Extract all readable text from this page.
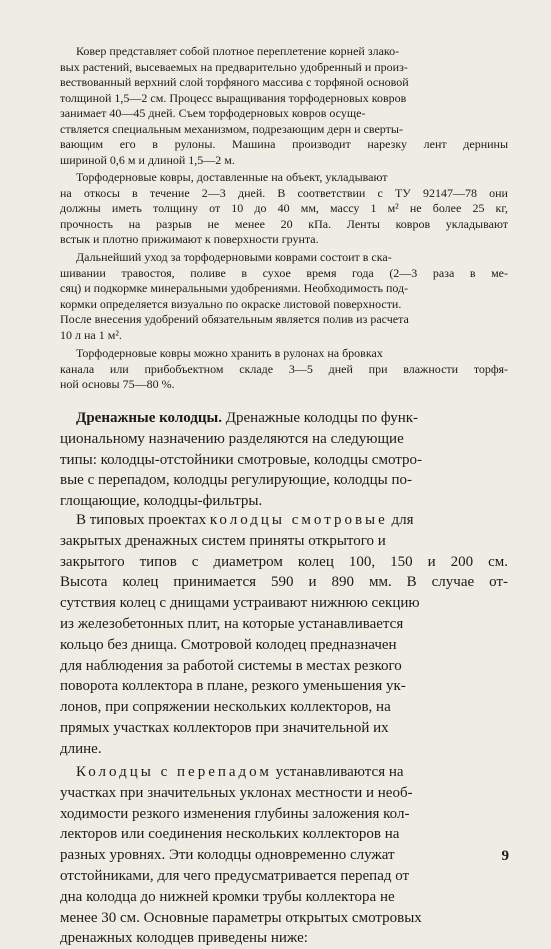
Ковер представляет собой плотное переплетение корней злако-
вых растений, высеваемых на предварительно удобренный и произ-
веcтвованный верхний слой торфяного массива с торфяной основой
толщиной 1,5—2 см. Процесс выращивания торфодерновых ковров
занимает 40—45 дней. Съем торфодерновых ковров осуще-
ствляется специальным механизмом, подрезающим дерн и сверты-
вающим его в рулоны. Машина производит нарезку лент дернины
шириной 0,6 м и длиной 1,5—2 м.

Торфодерновые ковры, доставленные на объект, укладывают
на откосы в течение 2—3 дней. В соответствии с ТУ 92147—78 они
должны иметь толщину от 10 до 40 мм, массу 1 м² не более 25 кг,
прочность на разрыв не менее 20 кПа. Ленты ковров укладывают
встык и плотно прижимают к поверхности грунта.

Дальнейший уход за торфодерновыми коврами состоит в ска-
шивании травостоя, поливе в сухое время года (2—3 раза в ме-
сяц) и подкормке минеральными удобрениями. Необходимость под-
кормки определяется визуально по окраске листовой поверхности.
После внесения удобрений обязательным является полив из расчета
10 л на 1 м².

Торфодерновые ковры можно хранить в рулонах на бровках
канала или прибобъектном складе 3—5 дней при влажности торфя-
ной основы 75—80 %.

Дренажные колодцы. Дренажные колодцы по функ-
циональному назначению разделяются на следующие
типы: колодцы-отстойники смотровые, колодцы смотро-
вые с перепадом, колодцы регулирующие, колодцы по-
глощающие, колодцы-фильтры.

В типовых проектах колодцы смотровые для
закрытых дренажных систем приняты открытого и
закрытого типов с диаметром колец 100, 150 и 200 см.
Высота колец принимается 590 и 890 мм. В случае от-
сутствия колец с днищами устраивают нижнюю секцию
из железобетонных плит, на которые устанавливается
кольцо без днища. Смотровой колодец предназначен
для наблюдения за работой системы в местах резкого
поворота коллектора в плане, резкого уменьшения ук-
лонов, при сопряжении нескольких коллекторов, на
прямых участках коллекторов при значительной их
длине.

Колодцы с перепадом устанавливаются на
участках при значительных уклонах местности и необ-
ходимости резкого изменения глубины заложения кол-
лекторов или соединения нескольких коллекторов на
разных уровнях. Эти колодцы одновременно служат
отстойниками, для чего предусматривается перепад от
дна колодца до нижней кромки трубы коллектора не
менее 30 см. Основные параметры открытых смотровых
дренажных колодцев приведены ниже:

9
